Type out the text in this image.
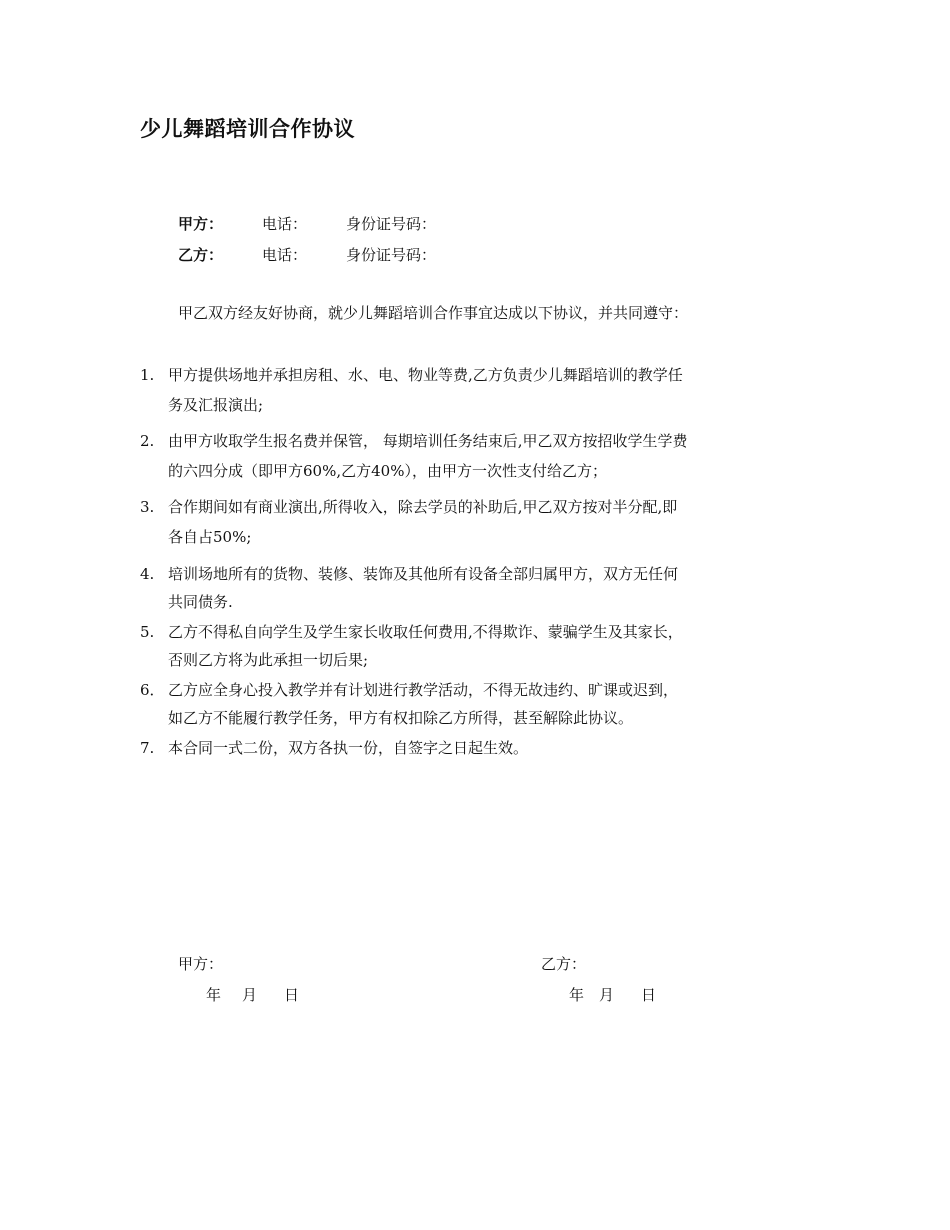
少儿舞蹈培训合作协议
甲方：	电话：	身份证号码：
乙方：	电话：	身份证号码：
甲乙双方经友好协商，就少儿舞蹈培训合作事宜达成以下协议，并共同遵守：
1. 甲方提供场地并承担房租、水、电、物业等费,乙方负责少儿舞蹈培训的教学任
务及汇报演出;
2. 由甲方收取学生报名费并保管， 每期培训任务结束后,甲乙双方按招收学生学费
的六四分成（即甲方60%,乙方40%），由甲方一次性支付给乙方；
3. 合作期间如有商业演出,所得收入，除去学员的补助后,甲乙双方按对半分配,即
各自占50%;
4. 培训场地所有的货物、装修、装饰及其他所有设备全部归属甲方，双方无任何
共同债务.
5. 乙方不得私自向学生及学生家长收取任何费用,不得欺诈、蒙骗学生及其家长，
否则乙方将为此承担一切后果;
6． 乙方应全身心投入教学并有计划进行教学活动，不得无故违约、旷课或迟到，
如乙方不能履行教学任务，甲方有权扣除乙方所得，甚至解除此协议。
7. 本合同一式二份，双方各执一份，自签字之日起生效。
甲方：	乙方：
年 月 日	年 月 日
